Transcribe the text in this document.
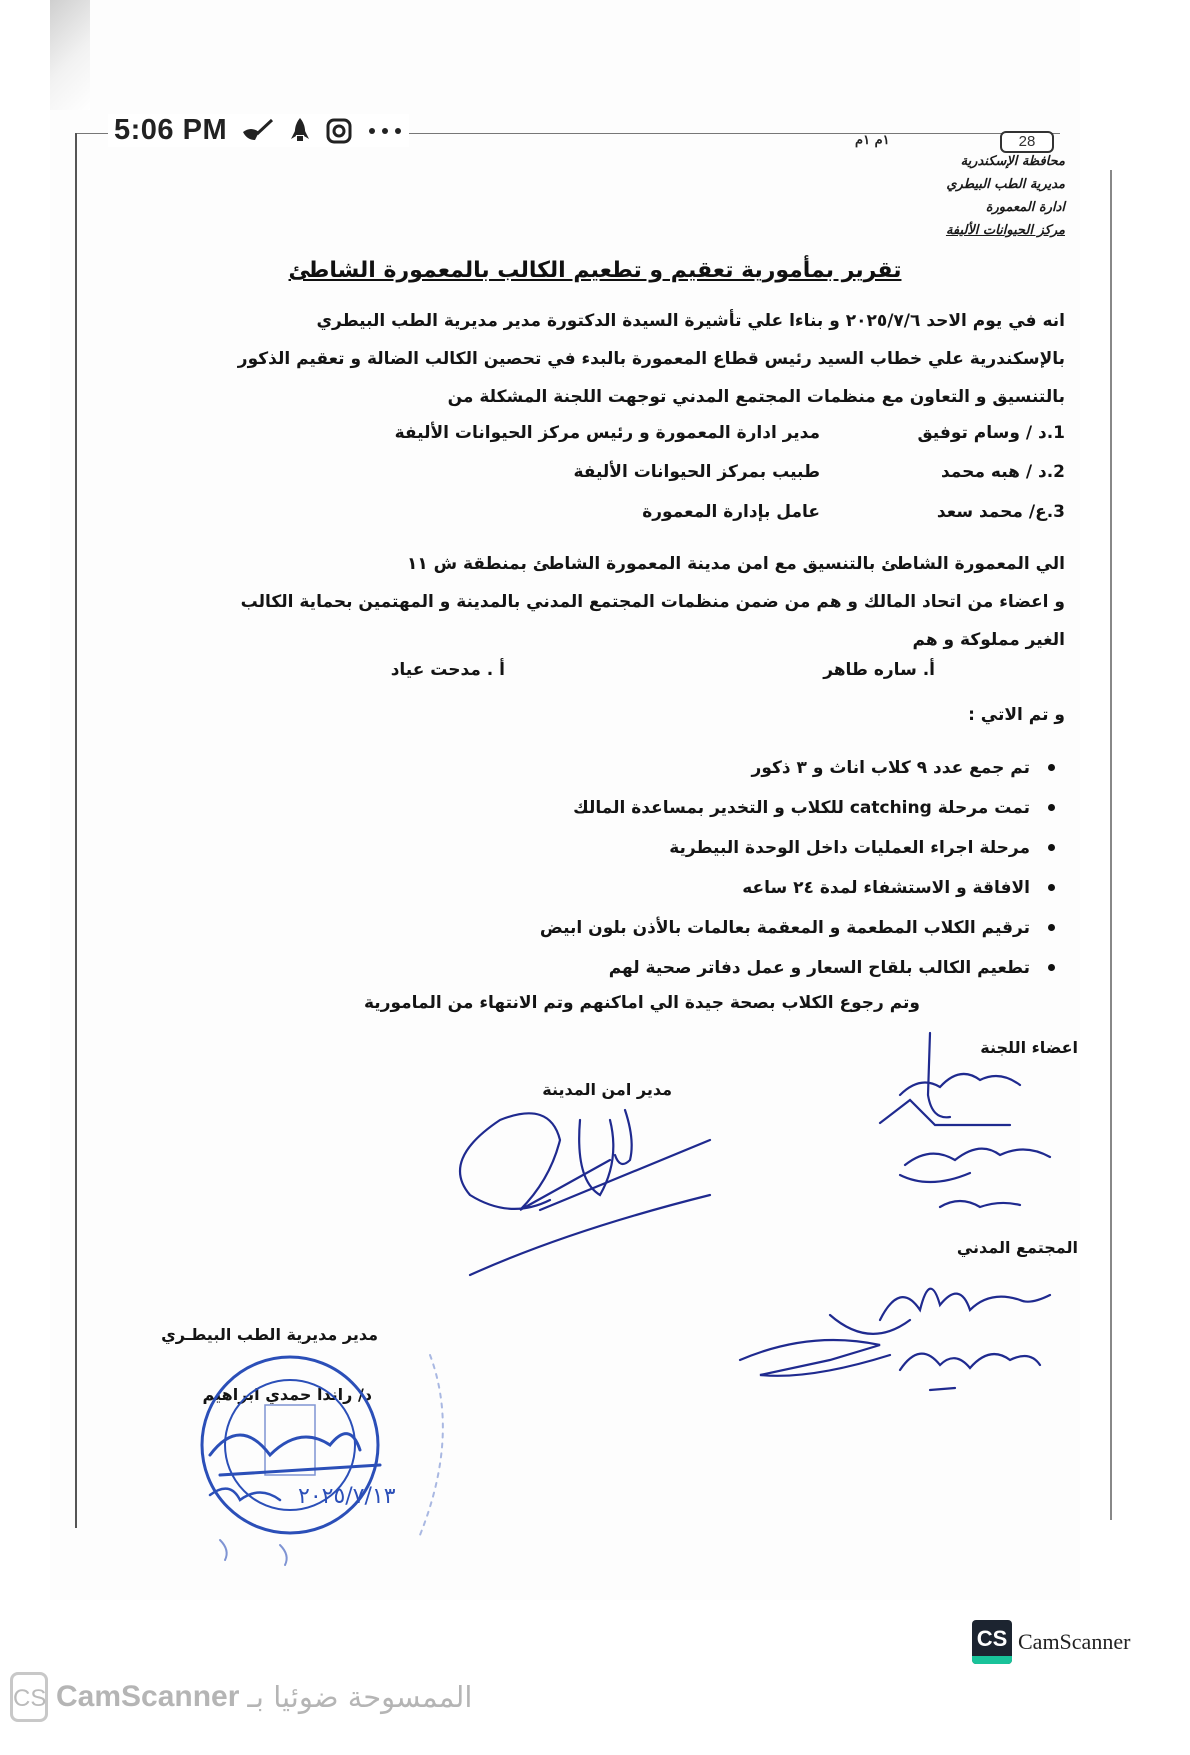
5:06 PM	١م ١م	28
محافظة الإسكندرية
مديرية الطب البيطري
ادارة المعمورة
مركز الحيوانات الأليفة
تقرير بمأمورية تعقيم و تطعيم الكالب بالمعمورة الشاطئ
انه في يوم الاحد ٢٠٢٥/٧/٦ و بناءا علي تأشيرة السيدة الدكتورة مدير مديرية الطب البيطري
بالإسكندرية علي خطاب السيد رئيس قطاع المعمورة بالبدء في تحصين الكالب الضالة و تعقيم الذكور
بالتنسيق و التعاون مع منظمات المجتمع المدني توجهت اللجنة المشكلة من
1.د / وسام توفيق
مدير ادارة المعمورة و رئيس مركز الحيوانات الأليفة
2.د / هبه محمد
طبيب بمركز الحيوانات الأليفة
3.ع/ محمد سعد
عامل بإدارة المعمورة
الي المعمورة الشاطئ بالتنسيق مع امن مدينة المعمورة الشاطئ بمنطقة ش ١١
و اعضاء من اتحاد المالك و هم من ضمن منظمات المجتمع المدني بالمدينة و المهتمين بحماية الكالب
الغير مملوكة و هم
أ. ساره طاهر
أ . مدحت عياد
و تم الاتي :
تم جمع عدد ٩ كلاب اناث و ٣ ذكور
تمت مرحلة catching للكلاب و التخدير بمساعدة المالك
مرحلة اجراء العمليات داخل الوحدة البيطرية
الافاقة و الاستشفاء لمدة ٢٤ ساعه
ترقيم الكلاب المطعمة و المعقمة بعالمات بالأذن بلون ابيض
تطعيم الكالب بلقاح السعار و عمل دفاتر صحية لهم
وتم رجوع الكلاب بصحة جيدة الي اماكنهم وتم الانتهاء من المامورية
اعضاء اللجنة
مدير امن المدينة
المجتمع المدني
مدير مديرية الطب البيطـري
د/ راندا حمدي ابراهيم
٢٠٢٥/٧/١٣
CS CamScanner
CS CamScanner الممسوحة ضوئيا بـ
